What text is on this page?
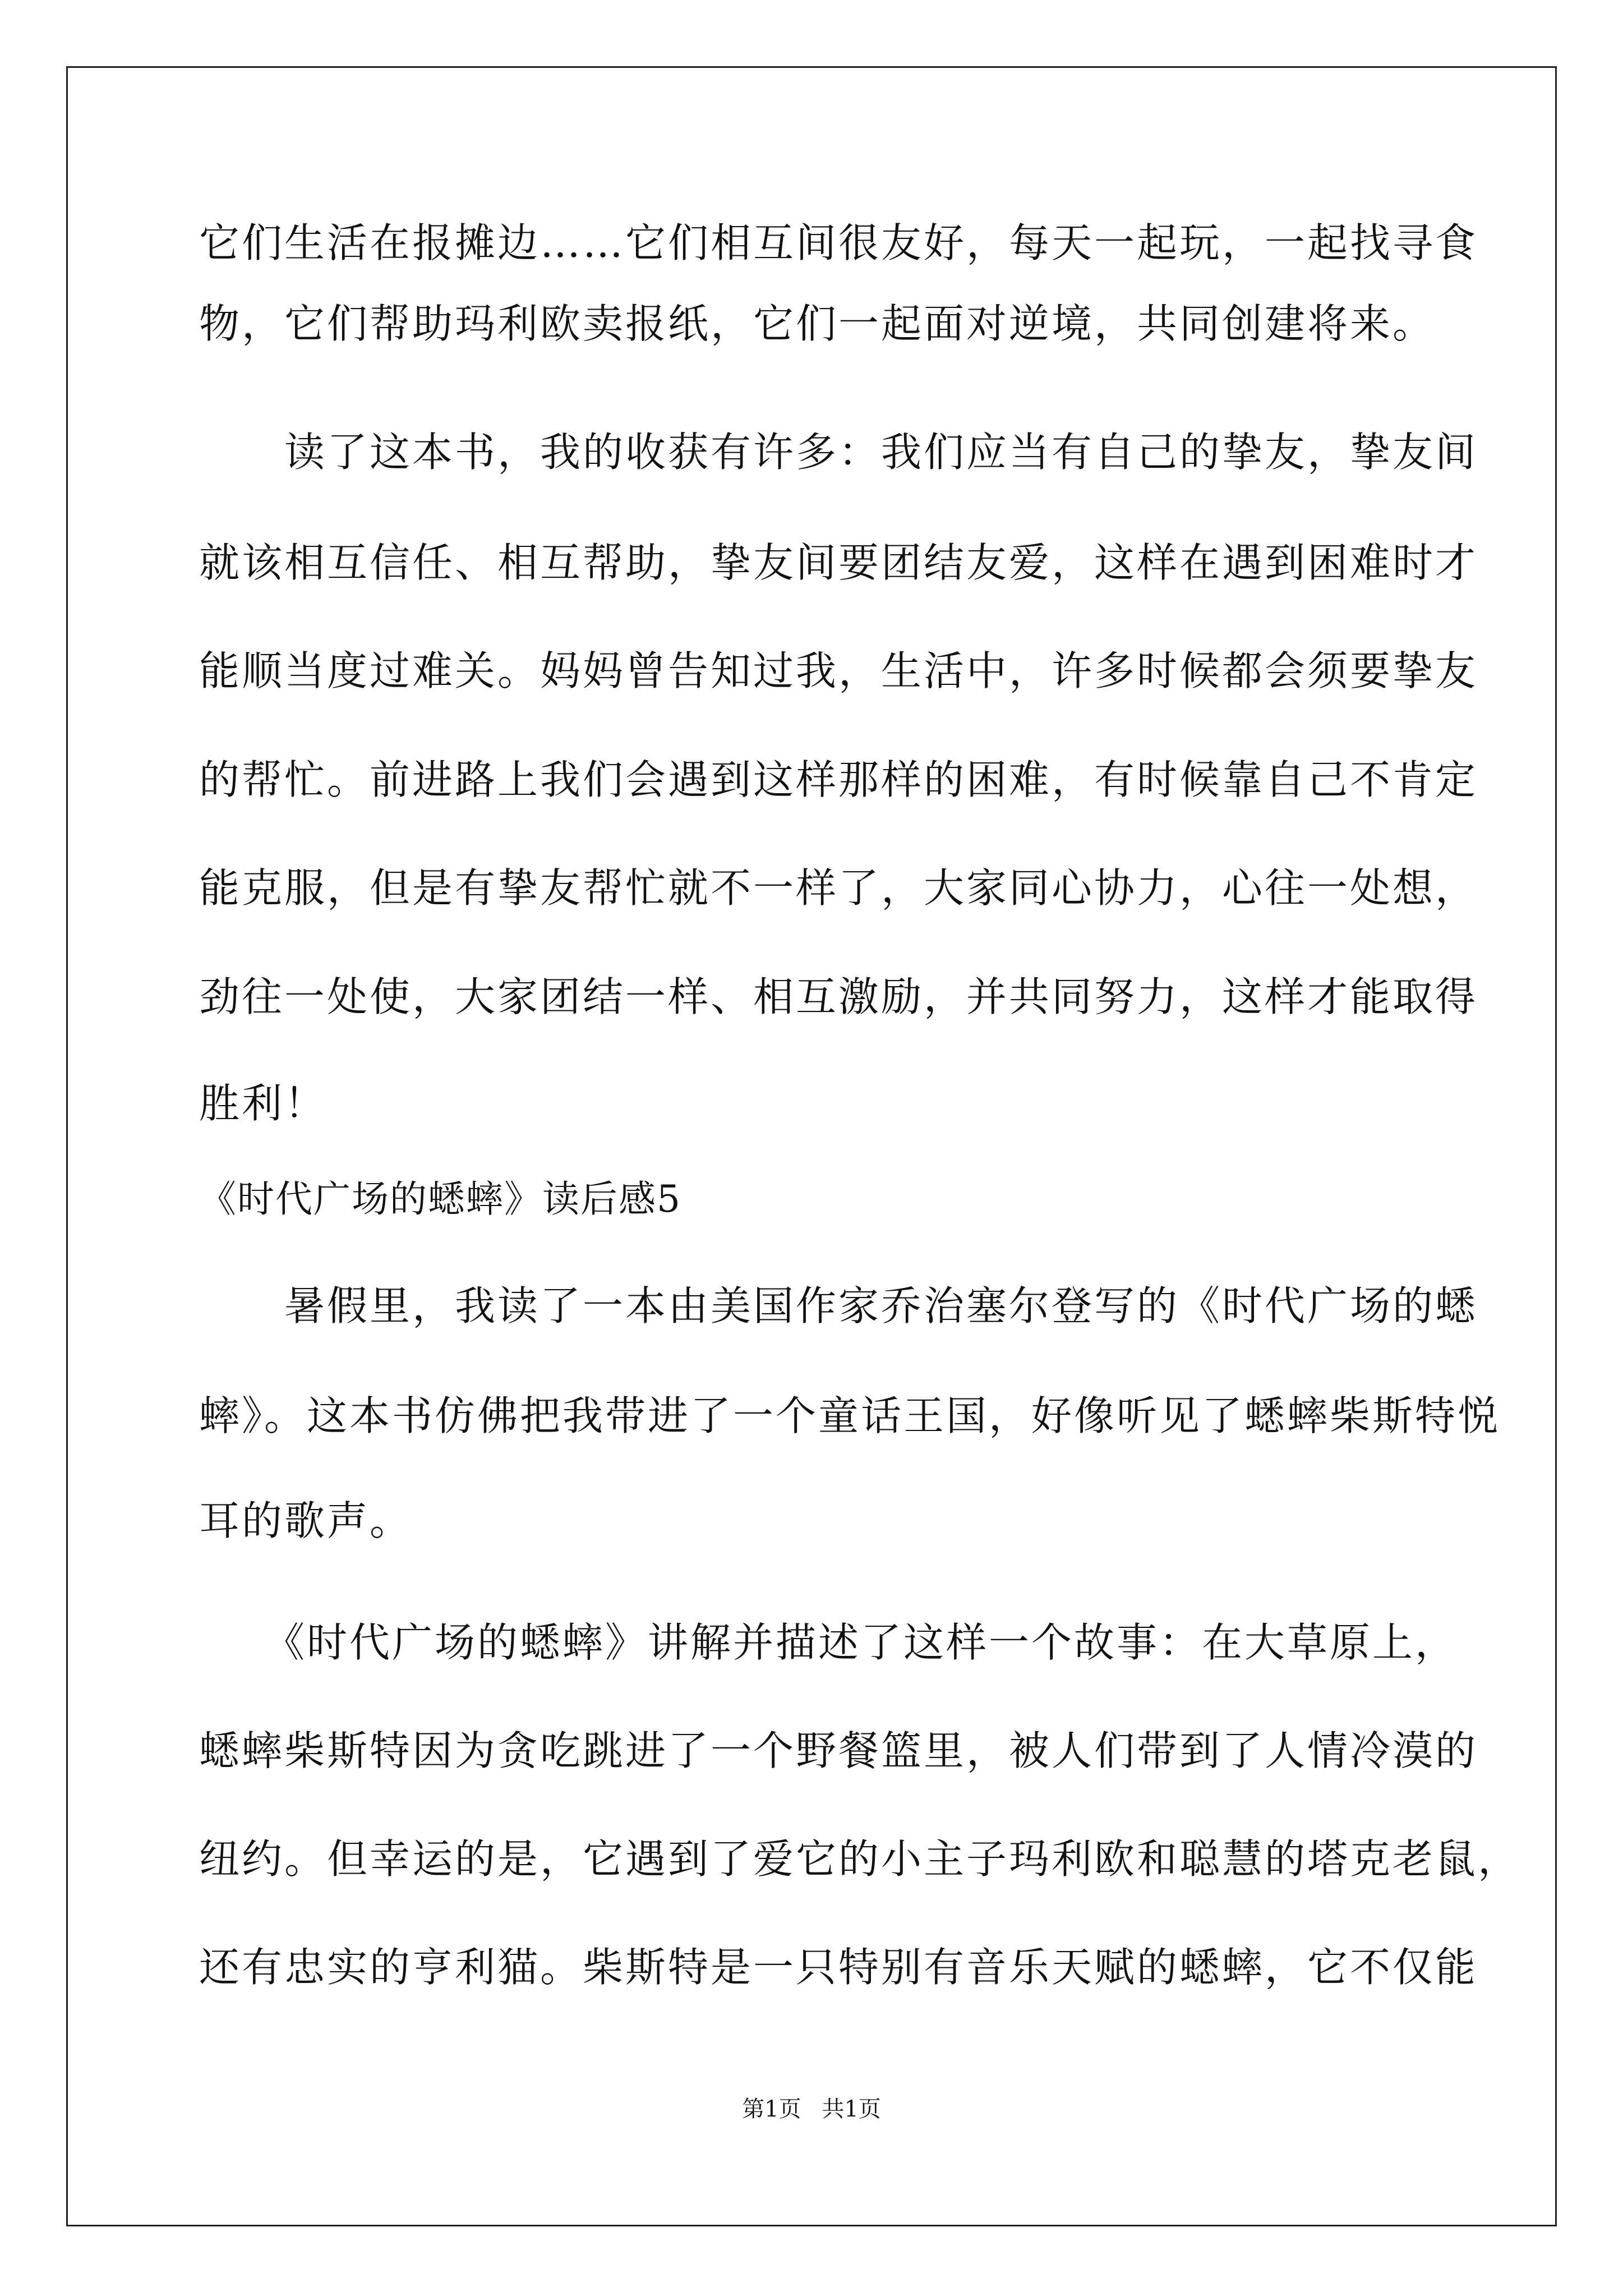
它们生活在报摊边……它们相互间很友好，每天一起玩，一起找寻食
物，它们帮助玛利欧卖报纸，它们一起面对逆境，共同创建将来。
　　读了这本书，我的收获有许多：我们应当有自己的挚友，挚友间
就该相互信任、相互帮助，挚友间要团结友爱，这样在遇到困难时才
能顺当度过难关。妈妈曾告知过我，生活中，许多时候都会须要挚友
的帮忙。前进路上我们会遇到这样那样的困难，有时候靠自己不肯定
能克服，但是有挚友帮忙就不一样了，大家同心协力，心往一处想，
劲往一处使，大家团结一样、相互激励，并共同努力，这样才能取得
胜利！
《时代广场的蟋蟀》读后感5
　　暑假里，我读了一本由美国作家乔治塞尔登写的《时代广场的蟋
蟀》。这本书仿佛把我带进了一个童话王国，好像听见了蟋蟀柴斯特悦
耳的歌声。
　　《时代广场的蟋蟀》讲解并描述了这样一个故事：在大草原上，
蟋蟀柴斯特因为贪吃跳进了一个野餐篮里，被人们带到了人情冷漠的
纽约。但幸运的是，它遇到了爱它的小主子玛利欧和聪慧的塔克老鼠，
还有忠实的亨利猫。柴斯特是一只特别有音乐天赋的蟋蟀，它不仅能
第1页 共1页
